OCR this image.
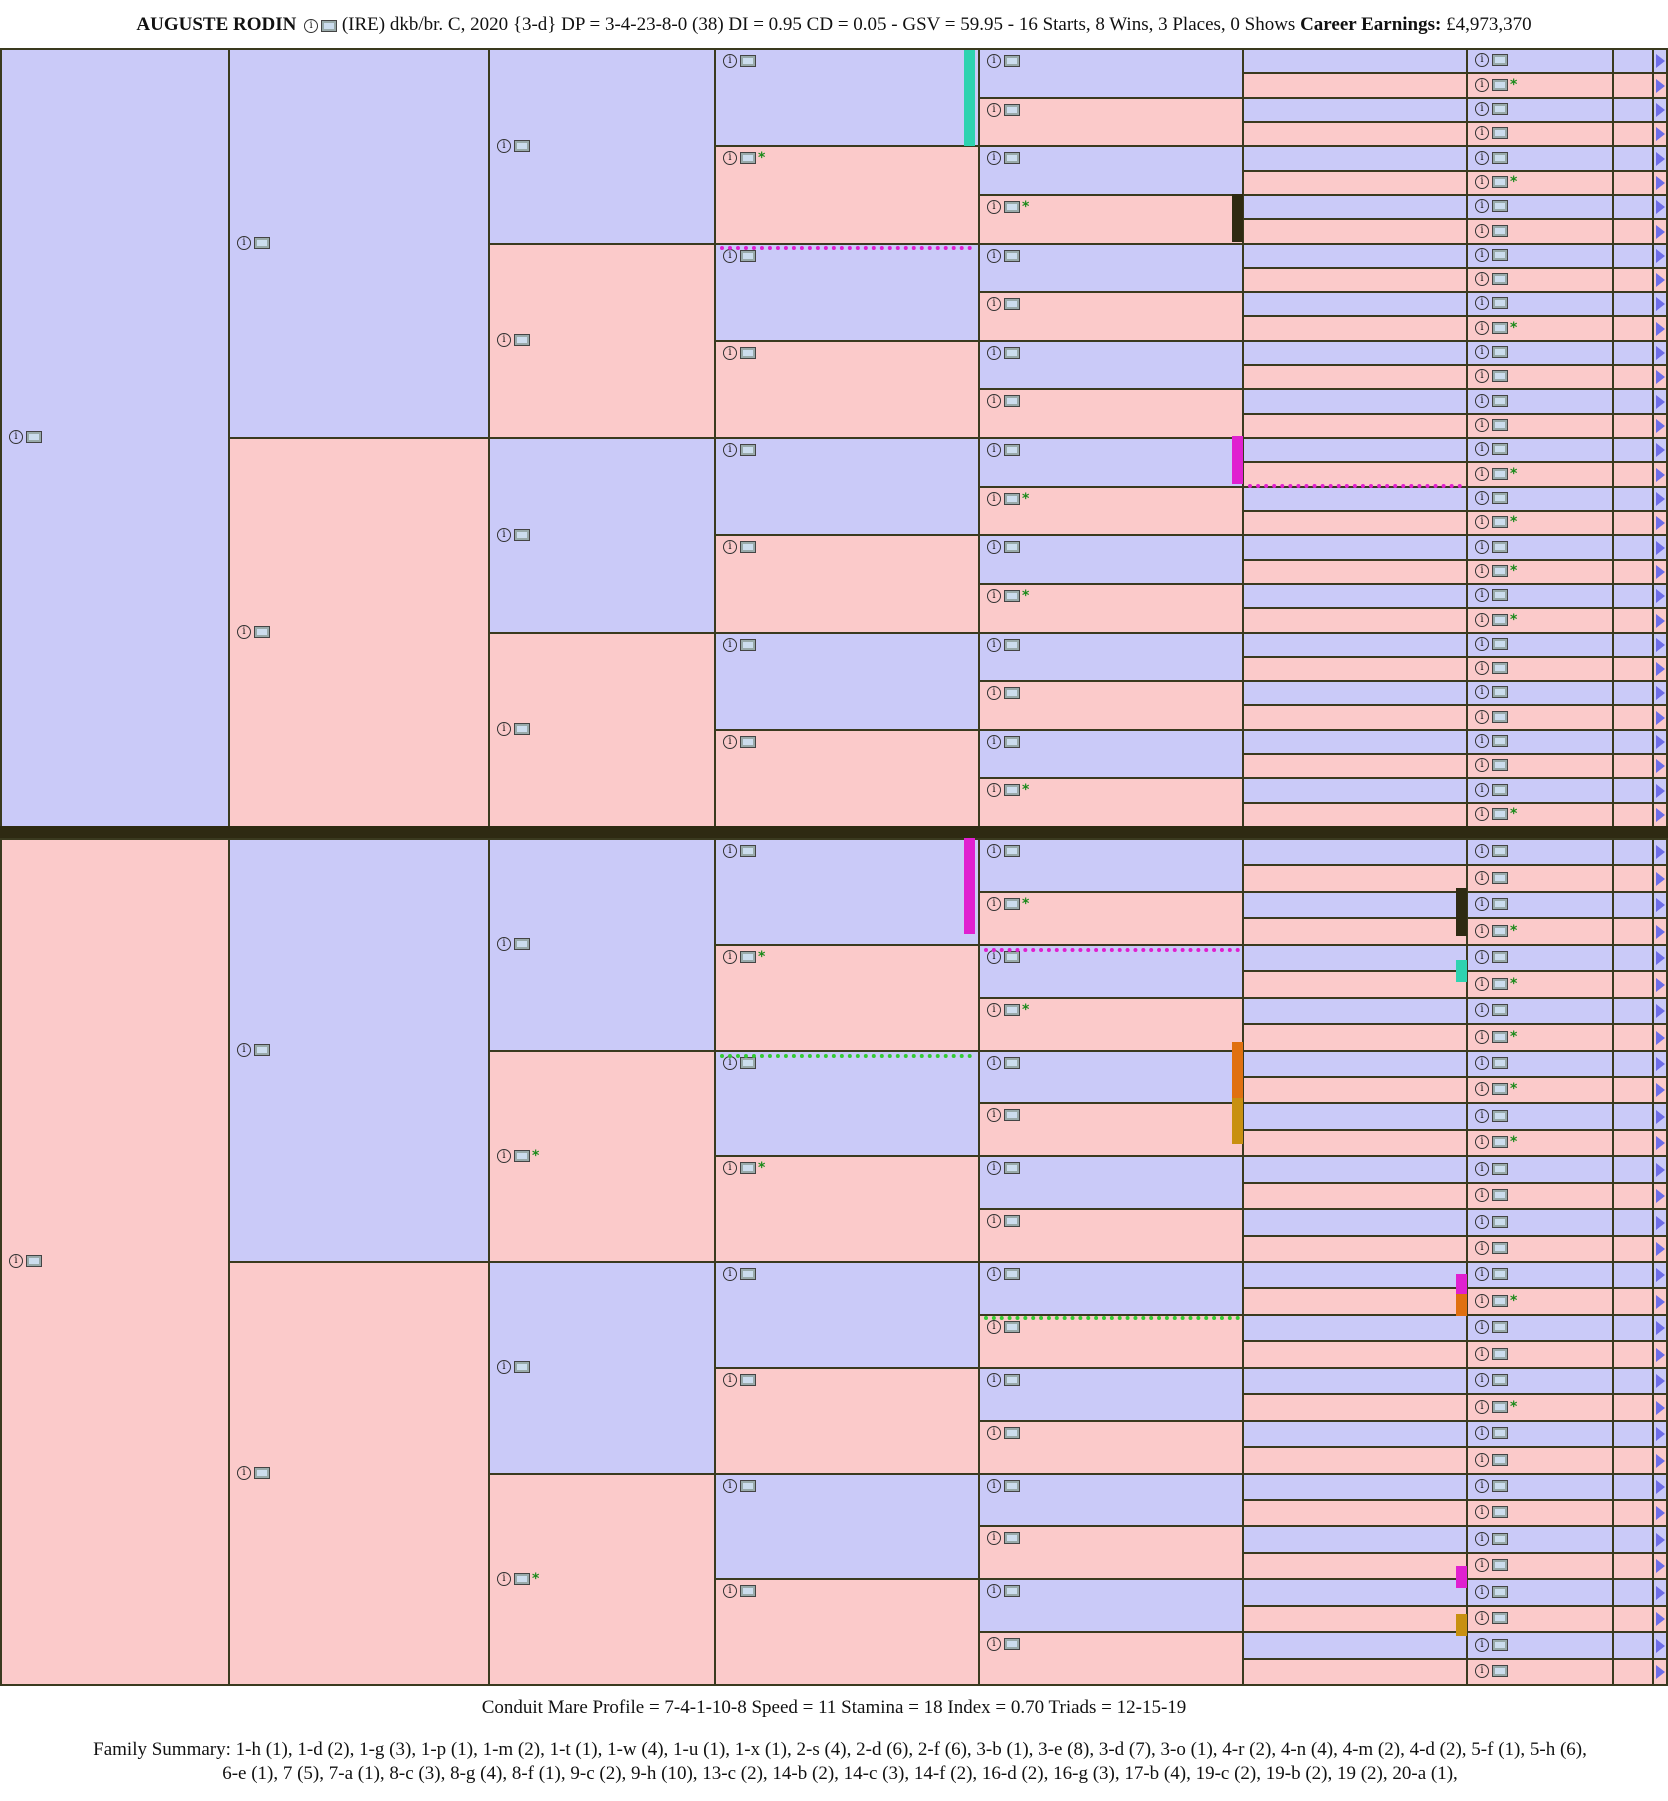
AUGUSTE RODIN i (IRE) dkb/br. C, 2020 {3-d} DP = 3-4-23-8-0 (38) DI = 0.95 CD = 0.05 - GSV = 59.95 - 16 Starts, 8 Wins, 3 Places, 0 Shows Career Earnings: £4,973,370
i
i
i
i
i
i
i
i
i
i
i
i *
i
i *
i
i *
i
i
i
i
i
i
i
i *
i
i *
i
i
i
i
i
i
i
i *
i
i
i
i
i
i *
i
i *
i
i
i
i *
i
i *
i
i *
i
i
i
i
i
i
i
i
i
i
i
i
i
i *
i
i
i
i *
i
i
i
i
i
i *
i
i
i
i
i
i *
i
i *
i
i *
i
i *
i
i
i
i
i
i
i
i *
i
i
i
i *
i
i *
i
i *
i
i *
i
i *
i
i
i
i
i
i *
i
i
i
i *
i
i
i
i
i
i
i
i
i
i
Conduit Mare Profile = 7-4-1-10-8 Speed = 11 Stamina = 18 Index = 0.70 Triads = 12-15-19
Family Summary: 1-h (1), 1-d (2), 1-g (3), 1-p (1), 1-m (2), 1-t (1), 1-w (4), 1-u (1), 1-x (1), 2-s (4), 2-d (6), 2-f (6), 3-b (1), 3-e (8), 3-d (7), 3-o (1), 4-r (2), 4-n (4), 4-m (2), 4-d (2), 5-f (1), 5-h (6), 6-e (1), 7 (5), 7-a (1), 8-c (3), 8-g (4), 8-f (1), 9-c (2), 9-h (10), 13-c (2), 14-b (2), 14-c (3), 14-f (2), 16-d (2), 16-g (3), 17-b (4), 19-c (2), 19-b (2), 19 (2), 20-a (1),
